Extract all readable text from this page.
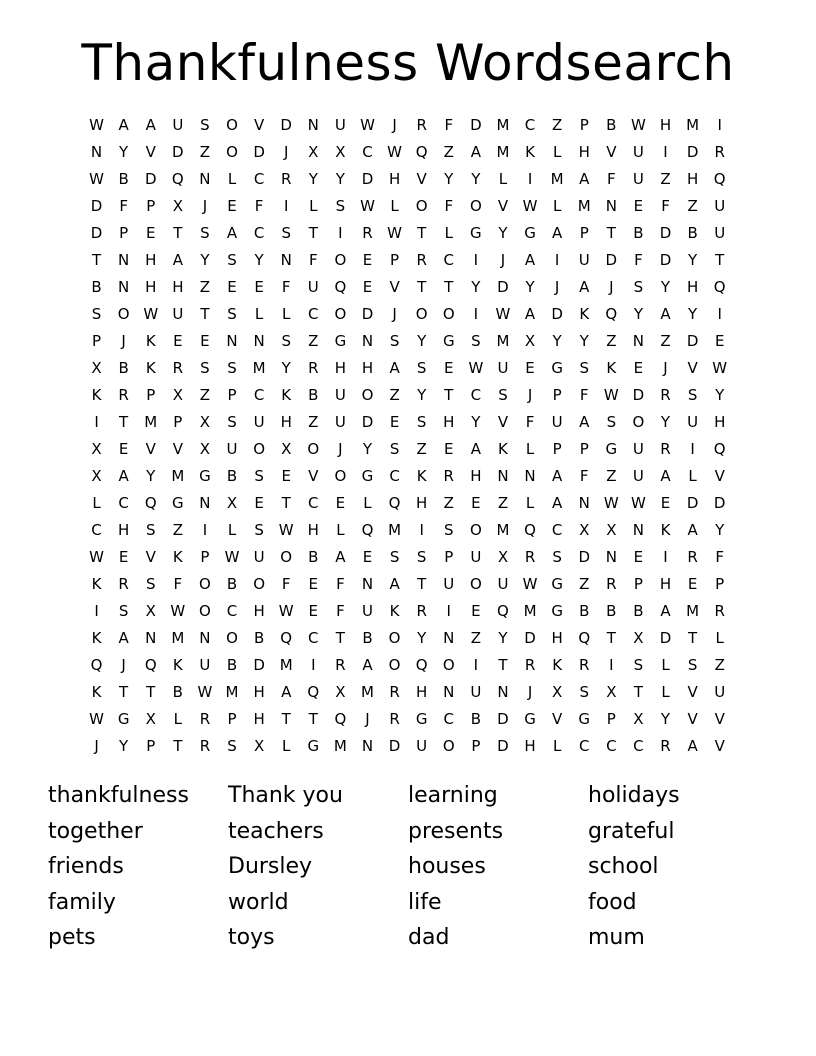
Thankfulness Wordsearch
W A	A	U	S	O	V	D	N	U W	J	R	F	D M	C	Z	P	B W H M	I
N	Y	V	D	Z	O	D	J	X	X	C W Q	Z	A	M	K	L	H	V	U	I	D	R
W B	D	Q	N	L	C	R	Y	Y	D	H	V	Y	Y	L	I	M	A	F	U	Z	H	Q
D	F	P	X	J	E	F	I	L	S W	L	O	F	O	V W	L	M	N	E	F	Z	U
D	P	E	T	S	A	C	S	T	I	R W	T	L	G	Y	G	A	P	T	B	D	B	U
T	N	H	A	Y	S	Y	N	F	O	E	P	R	C	I	J	A	I	U	D	F	D	Y	T
B	N	H	H	Z	E	E	F	U	Q	E	V	T	T	Y	D	Y	J	A	J	S	Y	H	Q
S	O W U	T	S	L	L	C	O	D	J	O	O	I	W A	D	K	Q	Y	A	Y	I
P	J	K	E	E	N	N	S	Z	G	N	S	Y	G	S	M	X	Y	Y	Z	N	Z	D	E
X	B	K	R	S	S	M	Y	R	H	H	A	S	E W U	E	G	S	K	E	J	V W
K	R	P	X	Z	P	C	K	B	U	O	Z	Y	T	C	S	J	P	F	W D	R	S	Y
I	T	M	P	X	S	U	H	Z	U	D	E	S	H	Y	V	F	U	A	S	O	Y	U	H
X	E	V	V	X	U	O	X	O	J	Y	S	Z	E	A	K	L	P	P	G	U	R	I	Q
X	A	Y	M G	B	S	E	V	O	G	C	K	R	H	N	N	A	F	Z	U	A	L	V
L	C	Q	G	N	X	E	T	C	E	L	Q	H	Z	E	Z	L	A	N W W E	D	D
C	H	S	Z	I	L	S W H	L	Q M	I	S	O M Q	C	X	X	N	K	A	Y
W E	V	K	P	W U	O	B	A	E	S	S	P	U	X	R	S	D	N	E	I	R	F
K	R	S	F	O	B	O	F	E	F	N	A	T	U	O	U W G	Z	R	P	H	E	P
I	S	X W O	C	H W E	F	U	K	R	I	E	Q M G	B	B	B	A	M	R
K	A	N	M	N	O	B	Q	C	T	B	O	Y	N	Z	Y	D	H	Q	T	X	D	T	L
Q	J	Q	K	U	B	D M	I	R	A	O	Q	O	I	T	R	K	R	I	S	L	S	Z
K	T	T	B W M H	A	Q	X	M	R	H	N	U	N	J	X	S	X	T	L	V	U
W G	X	L	R	P	H	T	T	Q	J	R	G	C	B	D	G	V	G	P	X	Y	V	V
J	Y	P	T	R	S	X	L	G M	N	D	U	O	P	D	H	L	C	C	C	R	A	V
thankfulness
together
friends
family
pets
Thank you
teachers
Dursley
world
toys
learning
presents
houses
life
dad
holidays
grateful
school
food
mum
